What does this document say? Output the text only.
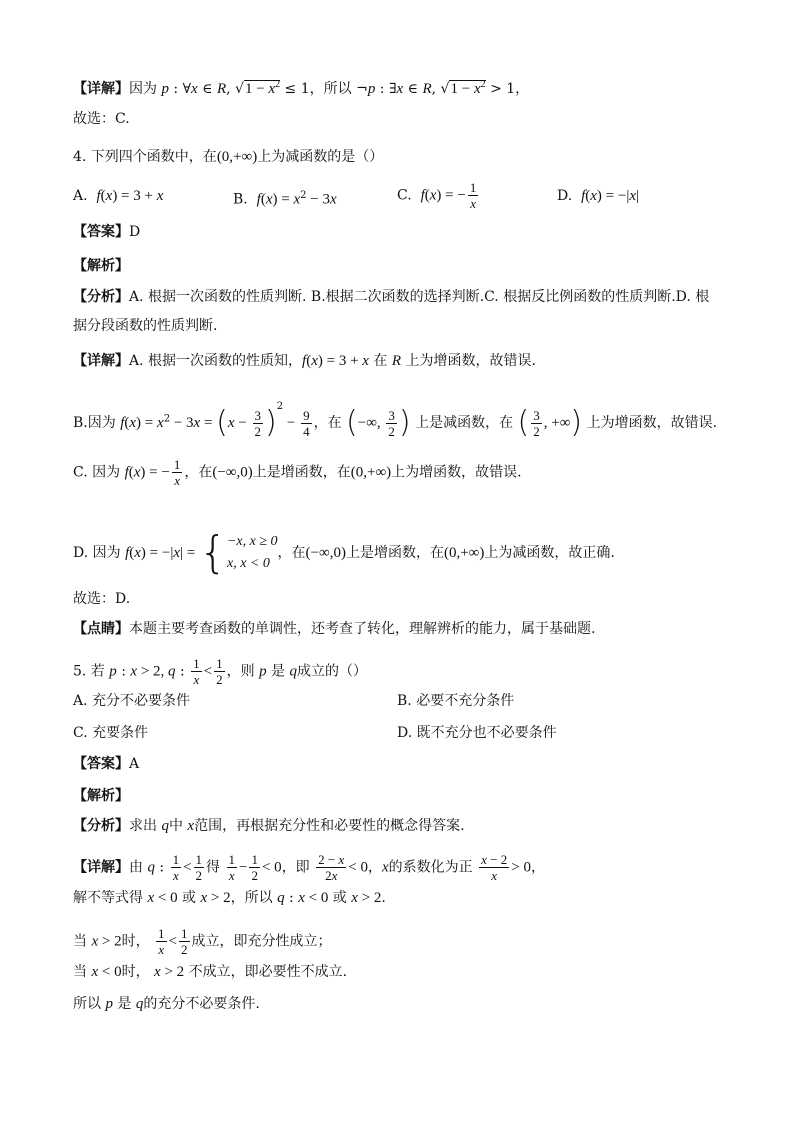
【详解】因为 p : ∀x ∈ R, $√1 - x^2 \le 1$，所以 ¬p : ∃x ∈ R, $√1 - x^2 > 1$，
故选：C.
4. 下列四个函数中，在(0,+∞)上为减函数的是（）
A.  f(x) = 3 + x	B.  $f(x) = x^2 - 3x$	C.  f(x) = − $\frac{1}{x}$	D.  f(x) = −|x|
【答案】D
【解析】
【分析】A. 根据一次函数的性质判断. B.根据二次函数的选择判断.C. 根据反比例函数的性质判断.D. 根
据分段函数的性质判断.
【详解】A. 根据一次函数的性质知，f(x) = 3 + x 在 R 上为增函数，故错误.
B.因为 $f(x) = x^2 - 3x = (x - \frac{3}{2} )^2 - \frac{9}{4}$ ，在 (−∞, $\frac{3}{2}$ ) 上是减函数，在 ( $\frac{3}{2}$ , +∞) 上为增函数，故错误.
C. 因为 f(x) = − $\frac{1}{x}$ ，在(−∞,0)上是增函数，在(0,+∞)上为增函数，故错误.
D. 因为 f(x) = −|x| = { −x, x ≥ 0
x, x < 0
，在(−∞,0)上是增函数，在(0,+∞)上为减函数，故正确.
故选：D.
【点睛】本题主要考查函数的单调性，还考查了转化，理解辨析的能力，属于基础题.
5. 若 p : x > 2, q : $\frac{1}{x} < \frac{1}{2}$ ，则 p 是 q成立的（）
A. 充分不必要条件	B. 必要不充分条件
C. 充要条件	D. 既不充分也不必要条件
【答案】A
【解析】
【分析】求出 q中 x范围，再根据充分性和必要性的概念得答案.
【详解】由 q : $\frac{1}{x} < \frac{1}{2}$ 得 $\frac{1}{x} - \frac{1}{2} < 0$，即 $\frac{2 - x}{2x} < 0$，x的系数化为正 $\frac{x - 2}{x} > 0$，
解不等式得 x < 0 或 x > 2，所以 q : x < 0 或 x > 2.
当 x > 2时， $\frac{1}{x} < \frac{1}{2}$ 成立，即充分性成立；
当 x < 0时， x > 2 不成立，即必要性不成立.
所以 p 是 q的充分不必要条件.
